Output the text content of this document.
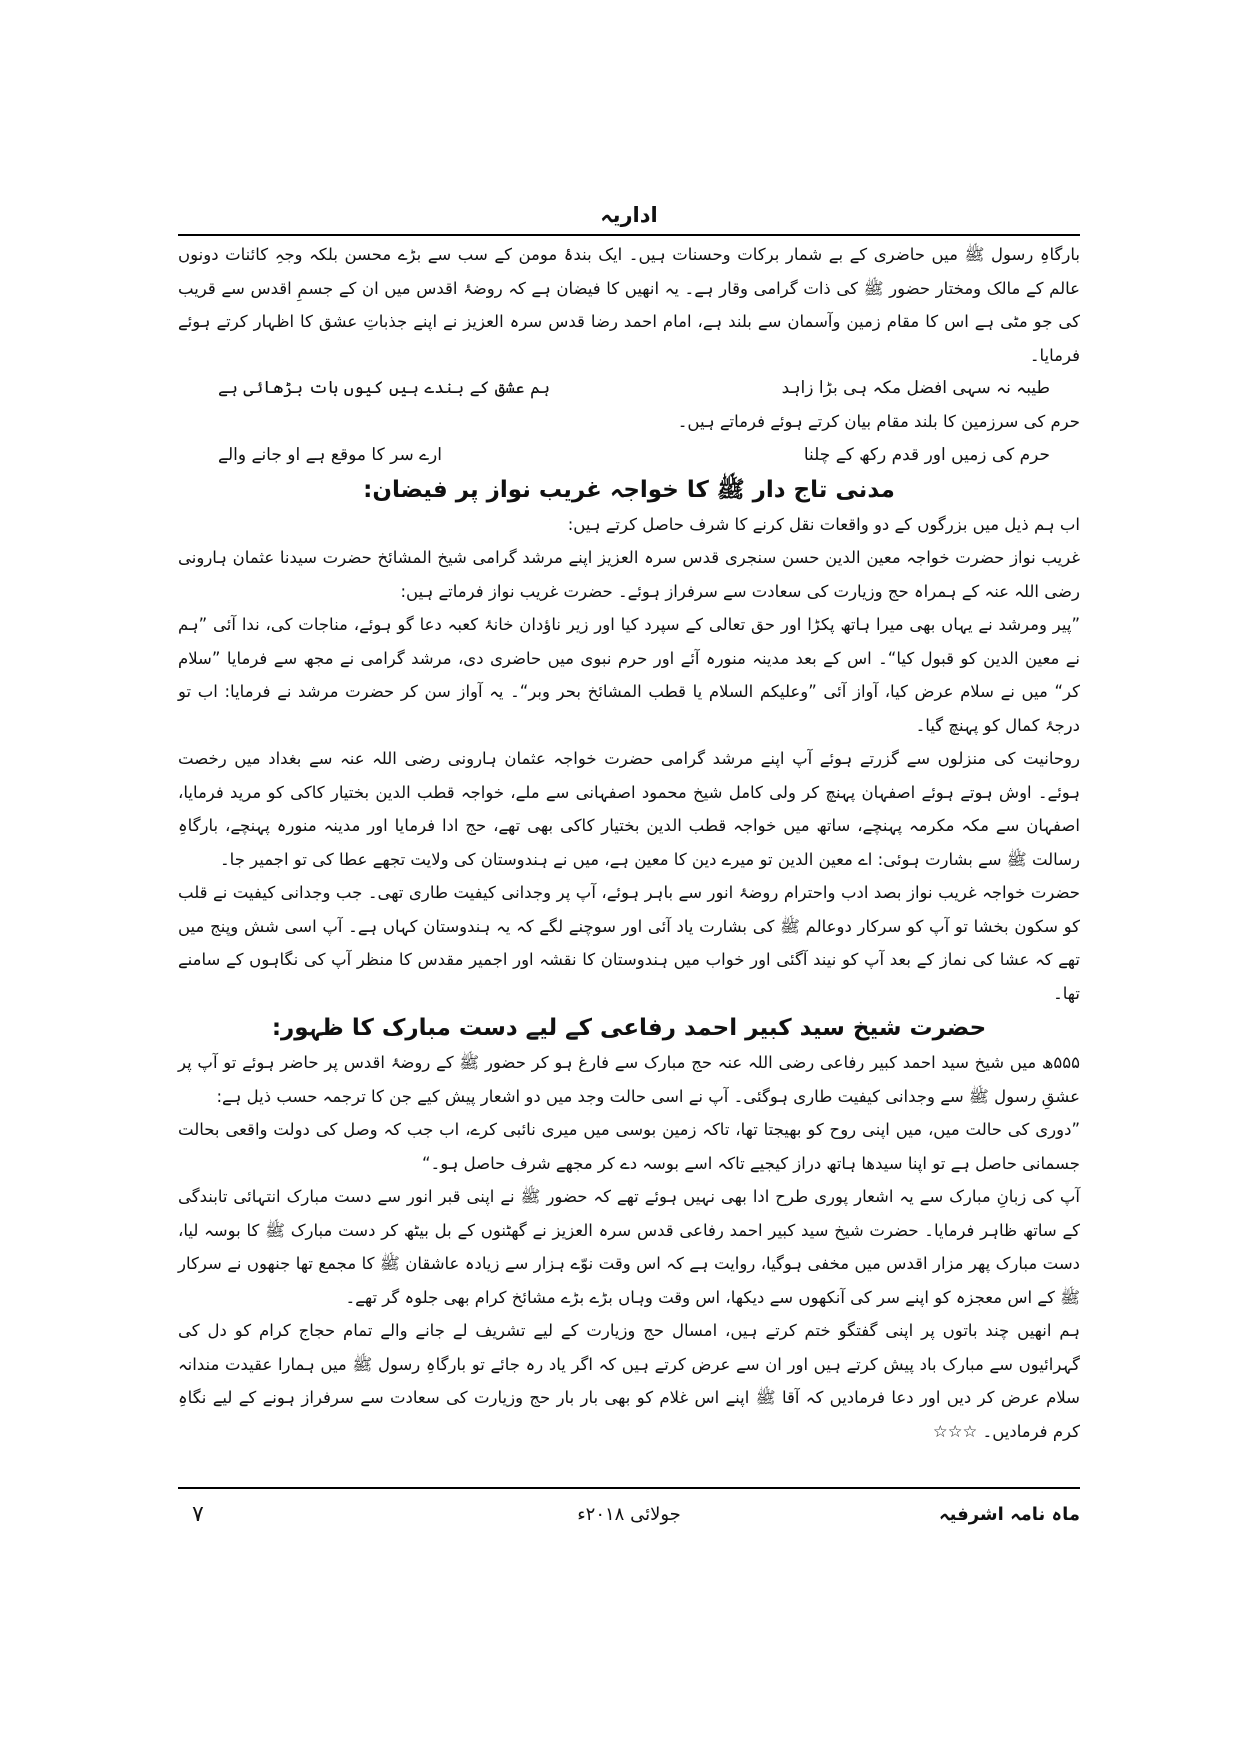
اداریہ

بارگاہِ رسول ﷺ میں حاضری کے بے شمار برکات وحسنات ہیں۔ ایک بندۂ مومن کے سب سے بڑے محسن بلکہ وجہِ کائنات دونوں عالم کے مالک ومختار حضور ﷺ کی ذات گرامی وقار ہے۔ یہ انھیں کا فیضان ہے کہ روضۂ اقدس میں ان کے جسمِ اقدس سے قریب کی جو مٹی ہے اس کا مقام زمین وآسمان سے بلند ہے، امام احمد رضا قدس سرہ العزیز نے اپنے جذباتِ عشق کا اظہار کرتے ہوئے فرمایا۔

طیبہ نہ سہی افضل مکہ ہی بڑا زاہد
ہم عشق کے بندے ہیں کیوں بات بڑھائی ہے

حرم کی سرزمین کا بلند مقام بیان کرتے ہوئے فرماتے ہیں۔

حرم کی زمیں اور قدم رکھ کے چلنا
ارے سر کا موقع ہے او جانے والے
مدنی تاج دار ﷺ کا خواجہ غریب نواز پر فیضان:

اب ہم ذیل میں بزرگوں کے دو واقعات نقل کرنے کا شرف حاصل کرتے ہیں:

غریب نواز حضرت خواجہ معین الدین حسن سنجری قدس سرہ العزیز اپنے مرشد گرامی شیخ المشائخ حضرت سیدنا عثمان ہارونی رضی اللہ عنہ کے ہمراہ حج وزیارت کی سعادت سے سرفراز ہوئے۔ حضرت غریب نواز فرماتے ہیں:

”پیر ومرشد نے یہاں بھی میرا ہاتھ پکڑا اور حق تعالی کے سپرد کیا اور زیر ناؤدان خانۂ کعبہ دعا گو ہوئے، مناجات کی، ندا آئی ”ہم نے معین الدین کو قبول کیا“۔ اس کے بعد مدینہ منورہ آئے اور حرم نبوی میں حاضری دی، مرشد گرامی نے مجھ سے فرمایا ”سلام کر“ میں نے سلام عرض کیا، آواز آئی ”وعلیکم السلام یا قطب المشائخ بحر وبر“۔ یہ آواز سن کر حضرت مرشد نے فرمایا: اب تو درجۂ کمال کو پہنچ گیا۔

روحانیت کی منزلوں سے گزرتے ہوئے آپ اپنے مرشد گرامی حضرت خواجہ عثمان ہارونی رضی اللہ عنہ سے بغداد میں رخصت ہوئے۔ اوش ہوتے ہوئے اصفہان پہنچ کر ولی کامل شیخ محمود اصفہانی سے ملے، خواجہ قطب الدین بختیار کاکی کو مرید فرمایا، اصفہان سے مکہ مکرمہ پہنچے، ساتھ میں خواجہ قطب الدین بختیار کاکی بھی تھے، حج ادا فرمایا اور مدینہ منورہ پہنچے، بارگاہِ رسالت ﷺ سے بشارت ہوئی: اے معین الدین تو میرے دین کا معین ہے، میں نے ہندوستان کی ولایت تجھے عطا کی تو اجمیر جا۔

حضرت خواجہ غریب نواز بصد ادب واحترام روضۂ انور سے باہر ہوئے، آپ پر وجدانی کیفیت طاری تھی۔ جب وجدانی کیفیت نے قلب کو سکون بخشا تو آپ کو سرکار دوعالم ﷺ کی بشارت یاد آئی اور سوچنے لگے کہ یہ ہندوستان کہاں ہے۔ آپ اسی شش وپنج میں تھے کہ عشا کی نماز کے بعد آپ کو نیند آگئی اور خواب میں ہندوستان کا نقشہ اور اجمیر مقدس کا منظر آپ کی نگاہوں کے سامنے تھا۔

حضرت شیخ سید کبیر احمد رفاعی کے لیے دست مبارک کا ظہور:

۵۵۵ھ میں شیخ سید احمد کبیر رفاعی رضی اللہ عنہ حج مبارک سے فارغ ہو کر حضور ﷺ کے روضۂ اقدس پر حاضر ہوئے تو آپ پر عشقِ رسول ﷺ سے وجدانی کیفیت طاری ہوگئی۔ آپ نے اسی حالت وجد میں دو اشعار پیش کیے جن کا ترجمہ حسب ذیل ہے:

”دوری کی حالت میں، میں اپنی روح کو بھیجتا تھا، تاکہ زمین بوسی میں میری نائبی کرے، اب جب کہ وصل کی دولت واقعی بحالت جسمانی حاصل ہے تو اپنا سیدھا ہاتھ دراز کیجیے تاکہ اسے بوسہ دے کر مجھے شرف حاصل ہو۔“

آپ کی زبانِ مبارک سے یہ اشعار پوری طرح ادا بھی نہیں ہوئے تھے کہ حضور ﷺ نے اپنی قبر انور سے دست مبارک انتہائی تابندگی کے ساتھ ظاہر فرمایا۔ حضرت شیخ سید کبیر احمد رفاعی قدس سرہ العزیز نے گھٹنوں کے بل بیٹھ کر دست مبارک ﷺ کا بوسہ لیا، دست مبارک پھر مزار اقدس میں مخفی ہوگیا، روایت ہے کہ اس وقت نوّے ہزار سے زیادہ عاشقان ﷺ کا مجمع تھا جنھوں نے سرکار ﷺ کے اس معجزہ کو اپنے سر کی آنکھوں سے دیکھا، اس وقت وہاں بڑے بڑے مشائخ کرام بھی جلوہ گر تھے۔

ہم انھیں چند باتوں پر اپنی گفتگو ختم کرتے ہیں، امسال حج وزیارت کے لیے تشریف لے جانے والے تمام حجاج کرام کو دل کی گہرائیوں سے مبارک باد پیش کرتے ہیں اور ان سے عرض کرتے ہیں کہ اگر یاد رہ جائے تو بارگاہِ رسول ﷺ میں ہمارا عقیدت مندانہ سلام عرض کر دیں اور دعا فرمادیں کہ آقا ﷺ اپنے اس غلام کو بھی بار بار حج وزیارت کی سعادت سے سرفراز ہونے کے لیے نگاہِ کرم فرمادیں۔ ☆☆☆

ماہ نامہ اشرفیہ
جولائی ۲۰۱۸ء
۷
